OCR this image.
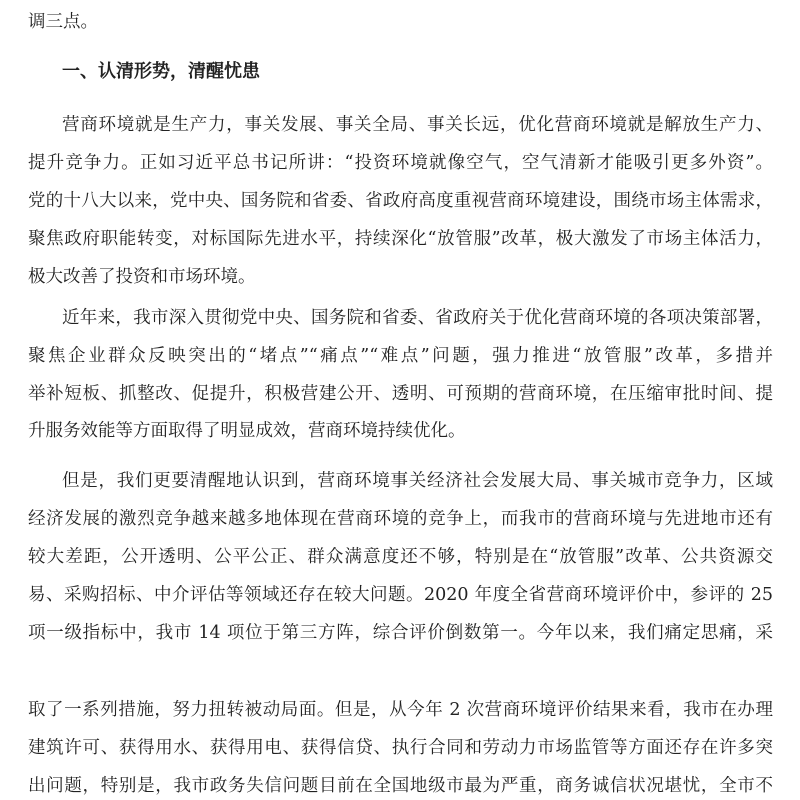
调三点。
一、认清形势，清醒忧患
营商环境就是生产力，事关发展、事关全局、事关长远，优化营商环境就是解放生产力、
提升竞争力。正如习近平总书记所讲：“投资环境就像空气，空气清新才能吸引更多外资”。
党的十八大以来，党中央、国务院和省委、省政府高度重视营商环境建设，围绕市场主体需求，
聚焦政府职能转变，对标国际先进水平，持续深化“放管服”改革，极大激发了市场主体活力，
极大改善了投资和市场环境。
近年来，我市深入贯彻党中央、国务院和省委、省政府关于优化营商环境的各项决策部署，
聚焦企业群众反映突出的“堵点”“痛点”“难点”问题，强力推进“放管服”改革，多措并
举补短板、抓整改、促提升，积极营建公开、透明、可预期的营商环境，在压缩审批时间、提
升服务效能等方面取得了明显成效，营商环境持续优化。
但是，我们更要清醒地认识到，营商环境事关经济社会发展大局、事关城市竞争力，区域
经济发展的激烈竞争越来越多地体现在营商环境的竞争上，而我市的营商环境与先进地市还有
较大差距，公开透明、公平公正、群众满意度还不够，特别是在“放管服”改革、公共资源交
易、采购招标、中介评估等领域还存在较大问题。2020 年度全省营商环境评价中，参评的 25
项一级指标中，我市 14 项位于第三方阵，综合评价倒数第一。今年以来，我们痛定思痛，采
取了一系列措施，努力扭转被动局面。但是，从今年 2 次营商环境评价结果来看，我市在办理
建筑许可、获得用水、获得用电、获得信贷、执行合同和劳动力市场监管等方面还存在许多突
出问题，特别是，我市政务失信问题目前在全国地级市最为严重，商务诚信状况堪忧，全市不
